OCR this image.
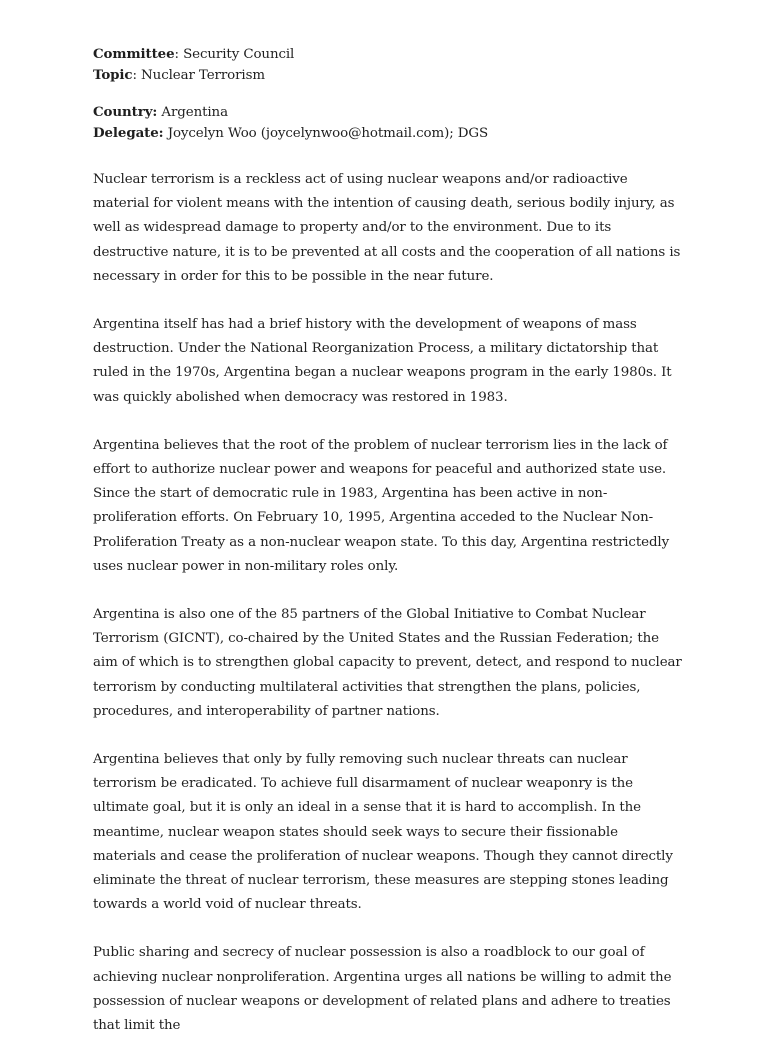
Committee: Security Council

Topic: Nuclear Terrorism

Country: Argentina

Delegate: Joycelyn Woo (joycelynwoo@hotmail.com); DGS

Nuclear terrorism is a reckless act of using nuclear weapons and/or radioactive material for violent means with the intention of causing death, serious bodily injury, as well as widespread damage to property and/or to the environment. Due to its destructive nature, it is to be prevented at all costs and the cooperation of all nations is necessary in order for this to be possible in the near future.

Argentina itself has had a brief history with the development of weapons of mass destruction. Under the National Reorganization Process, a military dictatorship that ruled in the 1970s, Argentina began a nuclear weapons program in the early 1980s. It was quickly abolished when democracy was restored in 1983.

Argentina believes that the root of the problem of nuclear terrorism lies in the lack of effort to authorize nuclear power and weapons for peaceful and authorized state use. Since the start of democratic rule in 1983, Argentina has been active in non-proliferation efforts. On February 10, 1995, Argentina acceded to the Nuclear Non-Proliferation Treaty as a non-nuclear weapon state. To this day, Argentina restrictedly uses nuclear power in non-military roles only.

Argentina is also one of the 85 partners of the Global Initiative to Combat Nuclear Terrorism (GICNT), co-chaired by the United States and the Russian Federation; the aim of which is to strengthen global capacity to prevent, detect, and respond to nuclear terrorism by conducting multilateral activities that strengthen the plans, policies, procedures, and interoperability of partner nations.

Argentina believes that only by fully removing such nuclear threats can nuclear terrorism be eradicated. To achieve full disarmament of nuclear weaponry is the ultimate goal, but it is only an ideal in a sense that it is hard to accomplish. In the meantime, nuclear weapon states should seek ways to secure their fissionable materials and cease the proliferation of nuclear weapons. Though they cannot directly eliminate the threat of nuclear terrorism, these measures are stepping stones leading towards a world void of nuclear threats.

Public sharing and secrecy of nuclear possession is also a roadblock to our goal of achieving nuclear nonproliferation. Argentina urges all nations be willing to admit the possession of nuclear weapons or development of related plans and adhere to treaties that limit the
